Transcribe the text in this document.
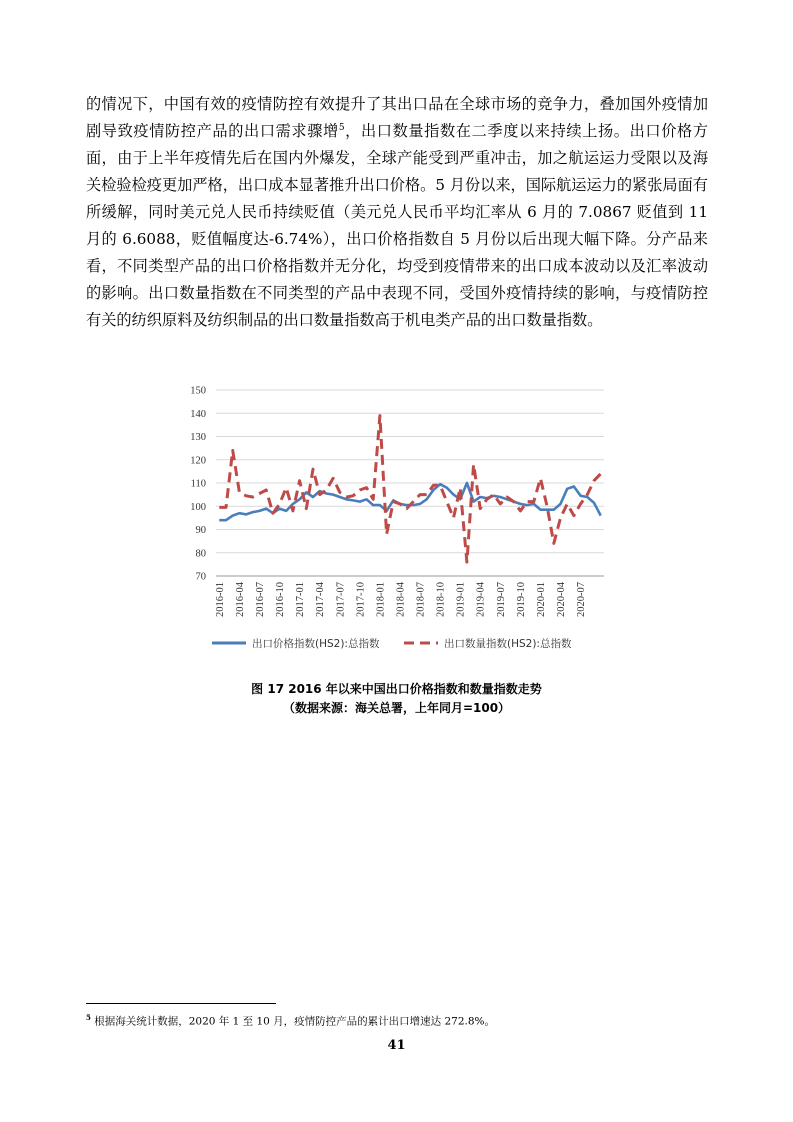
的情况下，中国有效的疫情防控有效提升了其出口品在全球市场的竞争力，叠加国外疫情加剧导致疫情防控产品的出口需求骤增$^5$，出口数量指数在二季度以来持续上扬。出口价格方面，由于上半年疫情先后在国内外爆发，全球产能受到严重冲击，加之航运运力受限以及海关检验检疫更加严格，出口成本显著推升出口价格。5 月份以来，国际航运运力的紧张局面有所缓解，同时美元兑人民币持续贬值（美元兑人民币平均汇率从 6 月的 7.0867 贬值到 11 月的 6.6088，贬值幅度达-6.74%），出口价格指数自 5 月份以后出现大幅下降。分产品来看，不同类型产品的出口价格指数并无分化，均受到疫情带来的出口成本波动以及汇率波动的影响。出口数量指数在不同类型的产品中表现不同，受国外疫情持续的影响，与疫情防控有关的纺织原料及纺织制品的出口数量指数高于机电类产品的出口数量指数。

70
80
90
100
110
120
130
140
150
2016-01 2016-04 2016-07 2016-10 2017-01 2017-04 2017-07 2017-10 2018-01 2018-04 2018-07 2018-10 2019-01 2019-04 2019-07 2019-10 2020-01 2020-04 2020-07
出口价格指数(HS2):总指数	出口数量指数(HS2):总指数
图 17 2016 年以来中国出口价格指数和数量指数走势
（数据来源：海关总署，上年同月=100）
$^5$ 根据海关统计数据，2020 年 1 至 10 月，疫情防控产品的累计出口增速达 272.8%。
41
